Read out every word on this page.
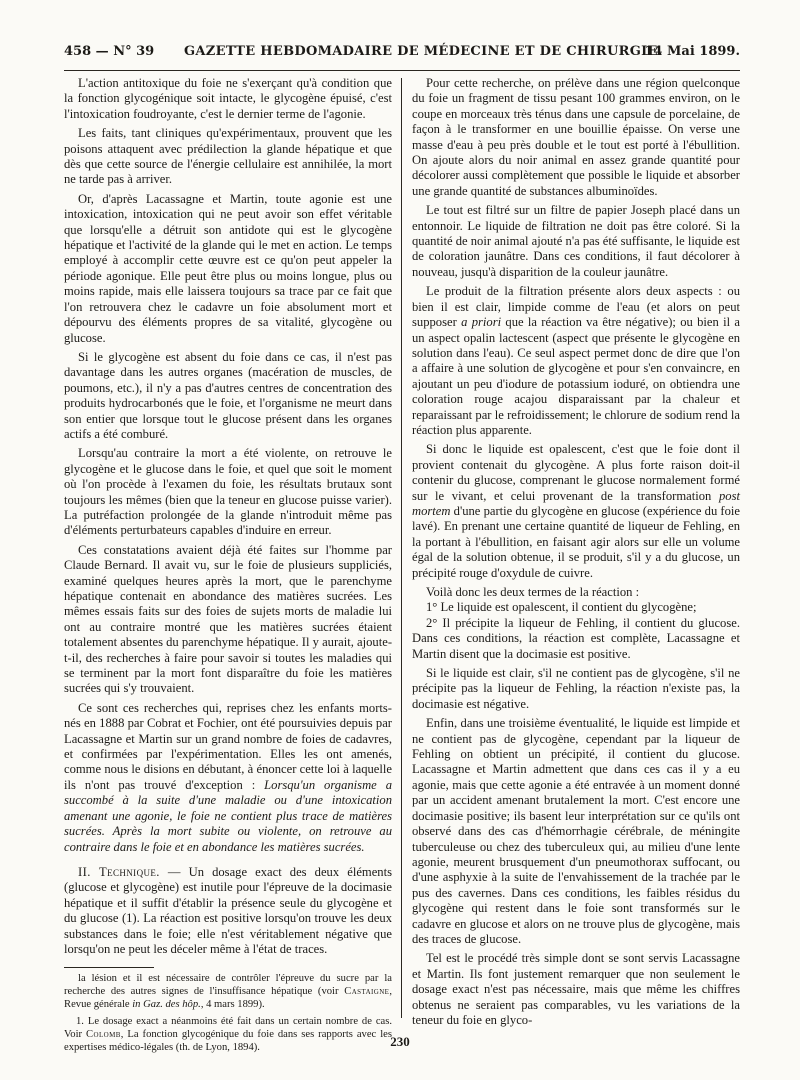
458 — N° 39 GAZETTE HEBDOMADAIRE DE MÉDECINE ET DE CHIRURGIE.
14 Mai 1899.

L'action antitoxique du foie ne s'exerçant qu'à condition que la fonction glycogénique soit intacte, le glycogène épuisé, c'est l'intoxication foudroyante, c'est le dernier terme de l'agonie.

Les faits, tant cliniques qu'expérimentaux, prouvent que les poisons attaquent avec prédilection la glande hépatique et que dès que cette source de l'énergie cellulaire est annihilée, la mort ne tarde pas à arriver.

Or, d'après Lacassagne et Martin, toute agonie est une intoxication, intoxication qui ne peut avoir son effet véritable que lorsqu'elle a détruit son antidote qui est le glycogène hépatique et l'activité de la glande qui le met en action. Le temps employé à accomplir cette œuvre est ce qu'on peut appeler la période agonique. Elle peut être plus ou moins longue, plus ou moins rapide, mais elle laissera toujours sa trace par ce fait que l'on retrouvera chez le cadavre un foie absolument mort et dépourvu des éléments propres de sa vitalité, glycogène ou glucose.

Si le glycogène est absent du foie dans ce cas, il n'est pas davantage dans les autres organes (macération de muscles, de poumons, etc.), il n'y a pas d'autres centres de concentration des produits hydrocarbonés que le foie, et l'organisme ne meurt dans son entier que lorsque tout le glucose présent dans les organes actifs a été comburé.

Lorsqu'au contraire la mort a été violente, on retrouve le glycogène et le glucose dans le foie, et quel que soit le moment où l'on procède à l'examen du foie, les résultats brutaux sont toujours les mêmes (bien que la teneur en glucose puisse varier). La putréfaction prolongée de la glande n'introduit même pas d'éléments perturbateurs capables d'induire en erreur.

Ces constatations avaient déjà été faites sur l'homme par Claude Bernard. Il avait vu, sur le foie de plusieurs suppliciés, examiné quelques heures après la mort, que le parenchyme hépatique contenait en abondance des matières sucrées. Les mêmes essais faits sur des foies de sujets morts de maladie lui ont au contraire montré que les matières sucrées étaient totalement absentes du parenchyme hépatique. Il y aurait, ajoute-t-il, des recherches à faire pour savoir si toutes les maladies qui se terminent par la mort font disparaître du foie les matières sucrées qui s'y trouvaient.

Ce sont ces recherches qui, reprises chez les enfants morts-nés en 1888 par Cobrat et Fochier, ont été poursuivies depuis par Lacassagne et Martin sur un grand nombre de foies de cadavres, et confirmées par l'expérimentation. Elles les ont amenés, comme nous le disions en débutant, à énoncer cette loi à laquelle ils n'ont pas trouvé d'exception : Lorsqu'un organisme a succombé à la suite d'une maladie ou d'une intoxication amenant une agonie, le foie ne contient plus trace de matières sucrées. Après la mort subite ou violente, on retrouve au contraire dans le foie et en abondance les matières sucrées.

II. Technique. — Un dosage exact des deux éléments (glucose et glycogène) est inutile pour l'épreuve de la docimasie hépatique et il suffit d'établir la présence seule du glycogène et du glucose (1). La réaction est positive lorsqu'on trouve les deux substances dans le foie; elle n'est véritablement négative que lorsqu'on ne peut les déceler même à l'état de traces.

la lésion et il est nécessaire de contrôler l'épreuve du sucre par la recherche des autres signes de l'insuffisance hépatique (voir Castaigne, Revue générale in Gaz. des hôp., 4 mars 1899).

1. Le dosage exact a néanmoins été fait dans un certain nombre de cas. Voir Colomb, La fonction glycogénique du foie dans ses rapports avec les expertises médico-légales (th. de Lyon, 1894).

Pour cette recherche, on prélève dans une région quelconque du foie un fragment de tissu pesant 100 grammes environ, on le coupe en morceaux très ténus dans une capsule de porcelaine, de façon à le transformer en une bouillie épaisse. On verse une masse d'eau à peu près double et le tout est porté à l'ébullition. On ajoute alors du noir animal en assez grande quantité pour décolorer aussi complètement que possible le liquide et absorber une grande quantité de substances albuminoïdes.

Le tout est filtré sur un filtre de papier Joseph placé dans un entonnoir. Le liquide de filtration ne doit pas être coloré. Si la quantité de noir animal ajouté n'a pas été suffisante, le liquide est de coloration jaunâtre. Dans ces conditions, il faut décolorer à nouveau, jusqu'à disparition de la couleur jaunâtre.

Le produit de la filtration présente alors deux aspects : ou bien il est clair, limpide comme de l'eau (et alors on peut supposer a priori que la réaction va être négative); ou bien il a un aspect opalin lactescent (aspect que présente le glycogène en solution dans l'eau). Ce seul aspect permet donc de dire que l'on a affaire à une solution de glycogène et pour s'en convaincre, en ajoutant un peu d'iodure de potassium ioduré, on obtiendra une coloration rouge acajou disparaissant par la chaleur et reparaissant par le refroidissement; le chlorure de sodium rend la réaction plus apparente.

Si donc le liquide est opalescent, c'est que le foie dont il provient contenait du glycogène. A plus forte raison doit-il contenir du glucose, comprenant le glucose normalement formé sur le vivant, et celui provenant de la transformation post mortem d'une partie du glycogène en glucose (expérience du foie lavé). En prenant une certaine quantité de liqueur de Fehling, en la portant à l'ébullition, en faisant agir alors sur elle un volume égal de la solution obtenue, il se produit, s'il y a du glucose, un précipité rouge d'oxydule de cuivre.

Voilà donc les deux termes de la réaction :

1° Le liquide est opalescent, il contient du glycogène;

2° Il précipite la liqueur de Fehling, il contient du glucose. Dans ces conditions, la réaction est complète, Lacassagne et Martin disent que la docimasie est positive.

Si le liquide est clair, s'il ne contient pas de glycogène, s'il ne précipite pas la liqueur de Fehling, la réaction n'existe pas, la docimasie est négative.

Enfin, dans une troisième éventualité, le liquide est limpide et ne contient pas de glycogène, cependant par la liqueur de Fehling on obtient un précipité, il contient du glucose. Lacassagne et Martin admettent que dans ces cas il y a eu agonie, mais que cette agonie a été entravée à un moment donné par un accident amenant brutalement la mort. C'est encore une docimasie positive; ils basent leur interprétation sur ce qu'ils ont observé dans des cas d'hémorrhagie cérébrale, de méningite tuberculeuse ou chez des tuberculeux qui, au milieu d'une lente agonie, meurent brusquement d'un pneumothorax suffocant, ou d'une asphyxie à la suite de l'envahissement de la trachée par le pus des cavernes. Dans ces conditions, les faibles résidus du glycogène qui restent dans le foie sont transformés sur le cadavre en glucose et alors on ne trouve plus de glycogène, mais des traces de glucose.

Tel est le procédé très simple dont se sont servis Lacassagne et Martin. Ils font justement remarquer que non seulement le dosage exact n'est pas nécessaire, mais que même les chiffres obtenus ne seraient pas comparables, vu les variations de la teneur du foie en glyco-

230
